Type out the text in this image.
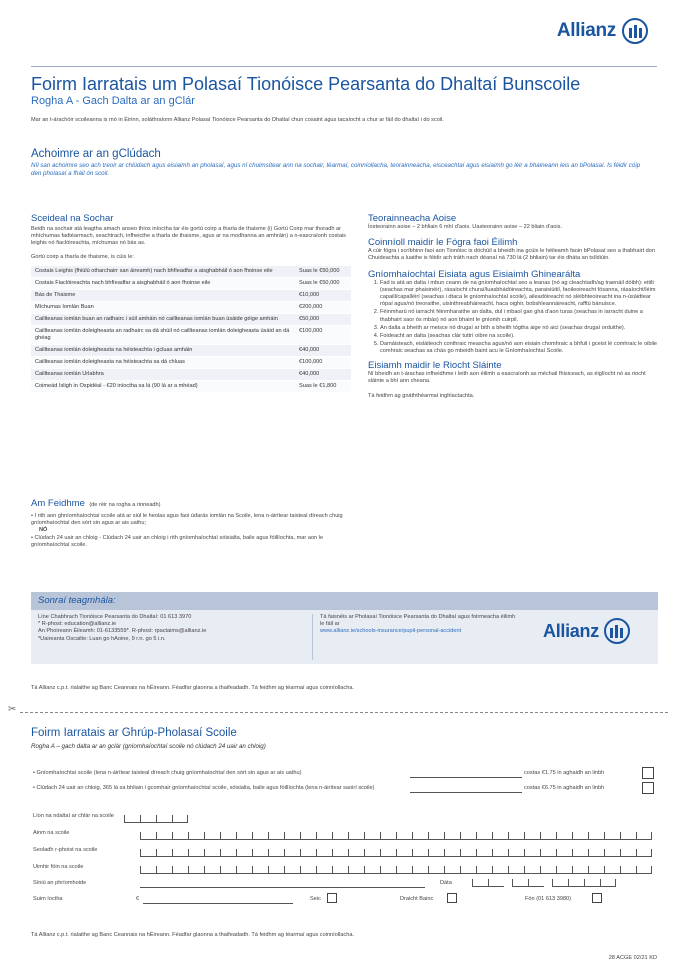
Allianz
Foirm Iarratais um Polasaí Tionóisce Pearsanta do Dhaltaí Bunscoile
Rogha A - Gach Dalta ar an gClár
Mar an t-árachóir scoileanna is mó in Éirinn, soláthraíonn Allianz Polasaí Tionóisce Pearsanta do Dhaltaí chun cosaint agus tacaíocht a chur ar fáil do dhaltaí i do scoil.
Achoimre ar an gClúdach
Níl san achoimre seo ach treoir ar chlúdach agus eisiaimh an pholasaí, agus ní chuimsítear ann na sochair, téarmaí, coinníollacha, teorainneacha, eisceachtaí agus eisiaimh go léir a bhaineann leis an bPolasaí. Is féidir cóip den pholasaí a fháil ón scoil.
Sceideal na Sochar
Beidh na sochair atá leagtha amach anseo thíos iníoctha tar éis gortú coirp a tharla de thaisme (i) Gortú Coirp mar thoradh ar mhíchumas fadtéarmach, seachtrach, infheicthe a tharla de thaisme, agus ar na modhanna an amhráin) a n-eascraíonh costais leighis nó fiaclóireachta, míchumas nó bás as.
Gortú coirp a tharla de thaisme, is cúis le:
Costais Leighis (fhiúlú otharchairr san áireamh) nach bhfíeadfar a aisghabháil ó aon fhoinse eile	Suas le €50,000
Costais Fiaclóireachta nach bhfíeadfar a aisghabháil ó aon fhoinse eile	Suas le €50,000
Bás de Thaisme	€10,000
Míchumas Iomlán Buan	€200,000
Caillteanas iomlán buan an radhairc i súil amháin nó caillteanas iomlán buan úsáide géige amháin	€50,000
Caillteanas iomlán doleigheasta an radhairc sa dá shúil nó caillteanas iomlán doleigheasta úsáid an dá ghéag	€100,000
Caillteanas iomlán doleigheasta na héisteachta i gcluas amháin	€40,000
Caillteanas iomlán doleigheasta na héisteachta sa dá chluas	€100,000
Caillteanas iomlán Urlabhra	€40,000
Coimeád Isligh in Ospidéal - €20 iníoctha sa lá (90 lá ar a mhéad)	Suas le €1,800
Am Feidhme (de réir na rogha a rinneadh)
• I rith aon ghníomhaíochtaí scoile atá ar siúl le heolas agus faoi údarás iomlán na Scoile, lena n-áirítear taisteal díreach chuig gníomhaíochtaí den sórt sin agus ar ais uathu;
NÓ
• Clúdach 24 uair an chloig - Clúdach 24 uair an chloig i rith gníomhaíochtaí sóisialta, baile agus fóillíochta, mar aon le gníomhaíochtaí scoile.
Teorainneacha Aoise
Íosteorainn aoise – 2 bhliain 6 mhí d'aois. Uasteorainn aoise – 22 bliain d'aois.
Coinníoll maidir le Fógra faoi Éilimh
A cúir fógra i scríbhinn faoi aon Tionóisc is dóchúil a bheidh ina gcúis le héileamh faoin bPolasaí seo a thabhairt don Chuideachta a luaithe is féidir ach tráth nach déanaí ná 730 lá (2 bhliain) tar éis dháta an tsíldiúin.
Gníomhaíochtaí Eisiata agus Eisiaimh Ghinearálta
1. Fad is atá an dalta i mbun ceann de na gníomhaíochtaí seo a leanas (nó ag cleachtadh/ag traenáil dóibh): eitilt (seachas mar phaisinéir), rásaíocht churaí/luasbhádóireachta, paraisiúitil, faoileoireacht fósanna, rásaíocht/léim capaill/capalléirí (seachas i dtaca le gníomhaíochtaí scoile), aileadóireacht nó sléibhteoireacht ina n-úsáidtear rópaí agus/nó treoraithe, uisinthreabháireacht, haca oighir, bobshleannáireacht, rafftú bánuisce.
2. Féinmharú nó iarracht féinmharaithe an dalta, dul i mbaol gan ghá d'aon turas (seachas in iarracht duine a thabhairt saor ós mbás) nó aon bhaint le gníomh cuirpil.
3. An dalta a bheith ar meisce nó drugaí ar bith a bheith tógtha aige nó aici (seachas drugaí orduithe).
4. Foideacht an dalta (seachas clár tuttrí oibre na scoile).
5. Damáisteach, eisláiteoch conthraic meascha agus/nó aon eisiain chomhraic a bhfuil i gceist lé comhraic le oibile comhraic seachas sa chás go mbeidh baint acu le Gníomhaíochtaí Scoile.
Eisiamh maidir le Riocht Sláinte
Ní bheidh an t-árachas infheidhme i leith aon éilimh a eascraíonh as méchail fhisiceach, as éiglíocht nó as riocht sláinte a bhí ann cheana.
Tá feidhm ag gnáththéarmaí inghlactachta.
Sonraí teagmhála:
Líne Chabhrach Tionóisce Pearsanta do Dhaltaí: 01 613 3970
* R-phost: education@allianz.ie
An Phoireann Éileamh: 01-6133559*. R-phost: rpactaims@allianz.ie
*Uaireanta Oscailte: Luan go hAoine, 9 r.n. go 5 i.n.
Tá faisnéis ar Pholasaí Tionóisce Pearsanta do Dhaltaí agus foirmeacha éilimh le fáil ar
www.allianz.ie/schools-insurance/pupil-personal-accident	Allianz
Tá Allianz c.p.t. rialaithe ag Banc Ceannais na hÉireann. Féadfar glaonna a thaifeadadh. Tá feidhm ag téarmaí agus coinníollacha.
✂
Foirm Iarratais ar Ghrúp-Pholasaí Scoile
Rogha A – gach dalta ar an gclár (gníomhaíochtaí scoile nó clúdach 24 uair an chloig)
• Gníomhaíochtaí scoile (lena n-áirítear taisteal díreach chuig gníomhaíochtaí den sórt sin agus ar ais uathu)	costas €1.75 in aghaidh an linbh
• Clúdach 24 uair an chloig, 365 lá sa bhliain i gcomhair gníomhaíochtaí scoile, sóisialta, baile agus fóillíochta (lena n-áirítear saoirí scoile)	costas €6.75 in aghaidh an linbh
Líon na ndaltaí ar chlár na scoile
Ainm na scoile
Seoladh r-phoist na scoile
Uimhir fóin na scoile
Síniú an phríomhoide	Dáta
Suim íoctha	€	Seic	Draicht Bainc	Fón (01 613 3980)
Tá Allianz c.p.t. rialaithe ag Banc Ceannais na hÉireann. Féadfar glaonna a thaifeadadh. Tá feidhm ag téarmaí agus coinníollacha.
28 ACGE 02/21 KD
